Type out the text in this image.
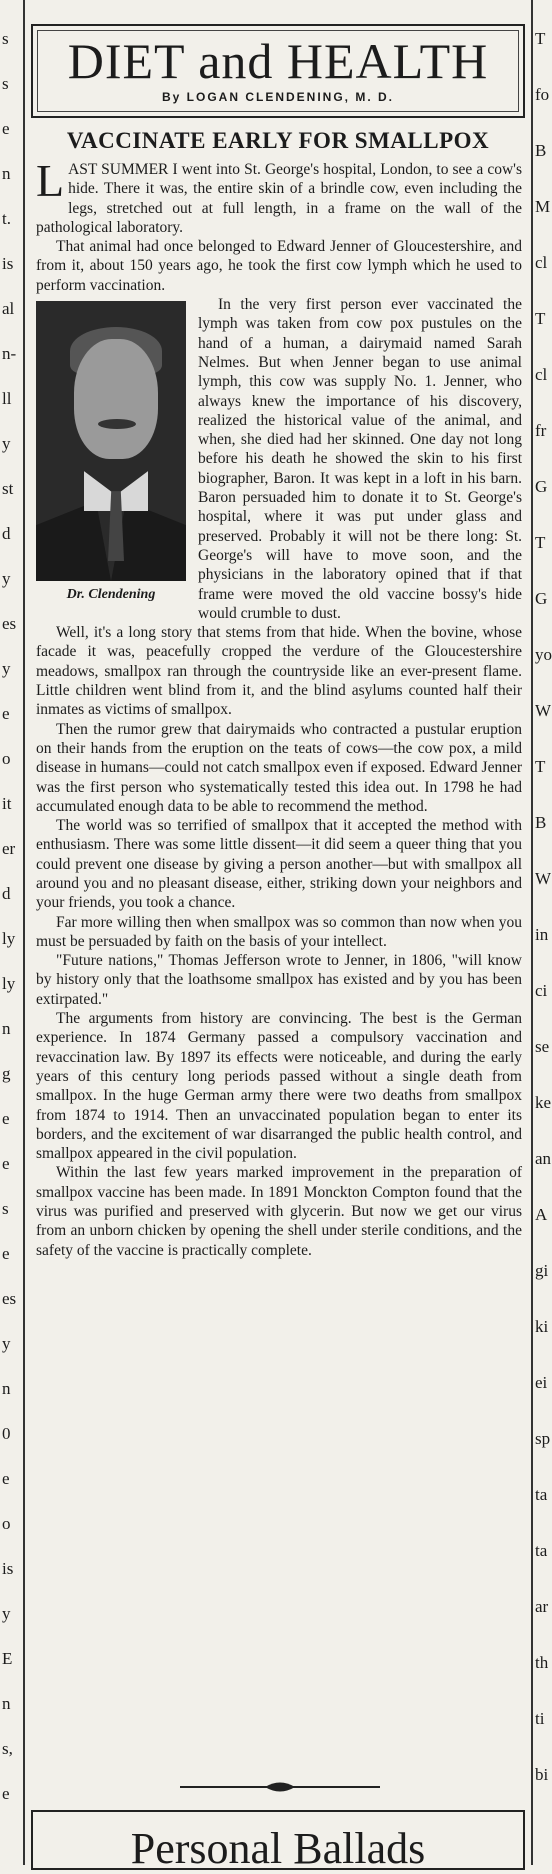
s
s
e
n
t.
is
al
n-
ll
y
st
d
y
es
y
e
o
it
er
d
ly
ly
n
g
e
e
s
e
es
y
n
0
e
o
is
y
E
n
s,
e
T
fo
B
M
cl
T
cl
fr
G
T
G
yo
W
T
B
W
in
ci
se
ke
an
A
gi
ki
ei
sp
ta
ta
ar
th
ti
bi
DIET and HEALTH
By LOGAN CLENDENING, M. D.
VACCINATE EARLY FOR SMALLPOX

LAST SUMMER I went into St. George's hospital, London, to see a cow's hide. There it was, the entire skin of a brindle cow, even including the legs, stretched out at full length, in a frame on the wall of the pathological laboratory.

That animal had once belonged to Edward Jenner of Gloucestershire, and from it, about 150 years ago, he took the first cow lymph which he used to perform vaccination.

Dr. Clendening

In the very first person ever vaccinated the lymph was taken from cow pox pustules on the hand of a human, a dairymaid named Sarah Nelmes. But when Jenner began to use animal lymph, this cow was supply No. 1. Jenner, who always knew the importance of his discovery, realized the historical value of the animal, and when, she died had her skinned. One day not long before his death he showed the skin to his first biographer, Baron. It was kept in a loft in his barn. Baron persuaded him to donate it to St. George's hospital, where it was put under glass and preserved. Probably it will not be there long: St. George's will have to move soon, and the physicians in the laboratory opined that if that frame were moved the old vaccine bossy's hide would crumble to dust.

Well, it's a long story that stems from that hide. When the bovine, whose facade it was, peacefully cropped the verdure of the Gloucestershire meadows, smallpox ran through the countryside like an ever-present flame. Little children went blind from it, and the blind asylums counted half their inmates as victims of smallpox.

Then the rumor grew that dairymaids who contracted a pustular eruption on their hands from the eruption on the teats of cows—the cow pox, a mild disease in humans—could not catch smallpox even if exposed. Edward Jenner was the first person who systematically tested this idea out. In 1798 he had accumulated enough data to be able to recommend the method.

The world was so terrified of smallpox that it accepted the method with enthusiasm. There was some little dissent—it did seem a queer thing that you could prevent one disease by giving a person another—but with smallpox all around you and no pleasant disease, either, striking down your neighbors and your friends, you took a chance.

Far more willing then when smallpox was so common than now when you must be persuaded by faith on the basis of your intellect.

"Future nations," Thomas Jefferson wrote to Jenner, in 1806, "will know by history only that the loathsome smallpox has existed and by you has been extirpated."

The arguments from history are convincing. The best is the German experience. In 1874 Germany passed a compulsory vaccination and revaccination law. By 1897 its effects were noticeable, and during the early years of this century long periods passed without a single death from smallpox. In the huge German army there were two deaths from smallpox from 1874 to 1914. Then an unvaccinated population began to enter its borders, and the excitement of war disarranged the public health control, and smallpox appeared in the civil population.

Within the last few years marked improvement in the preparation of smallpox vaccine has been made. In 1891 Monckton Compton found that the virus was purified and preserved with glycerin. But now we get our virus from an unborn chicken by opening the shell under sterile conditions, and the safety of the vaccine is practically complete.

Personal Ballads
